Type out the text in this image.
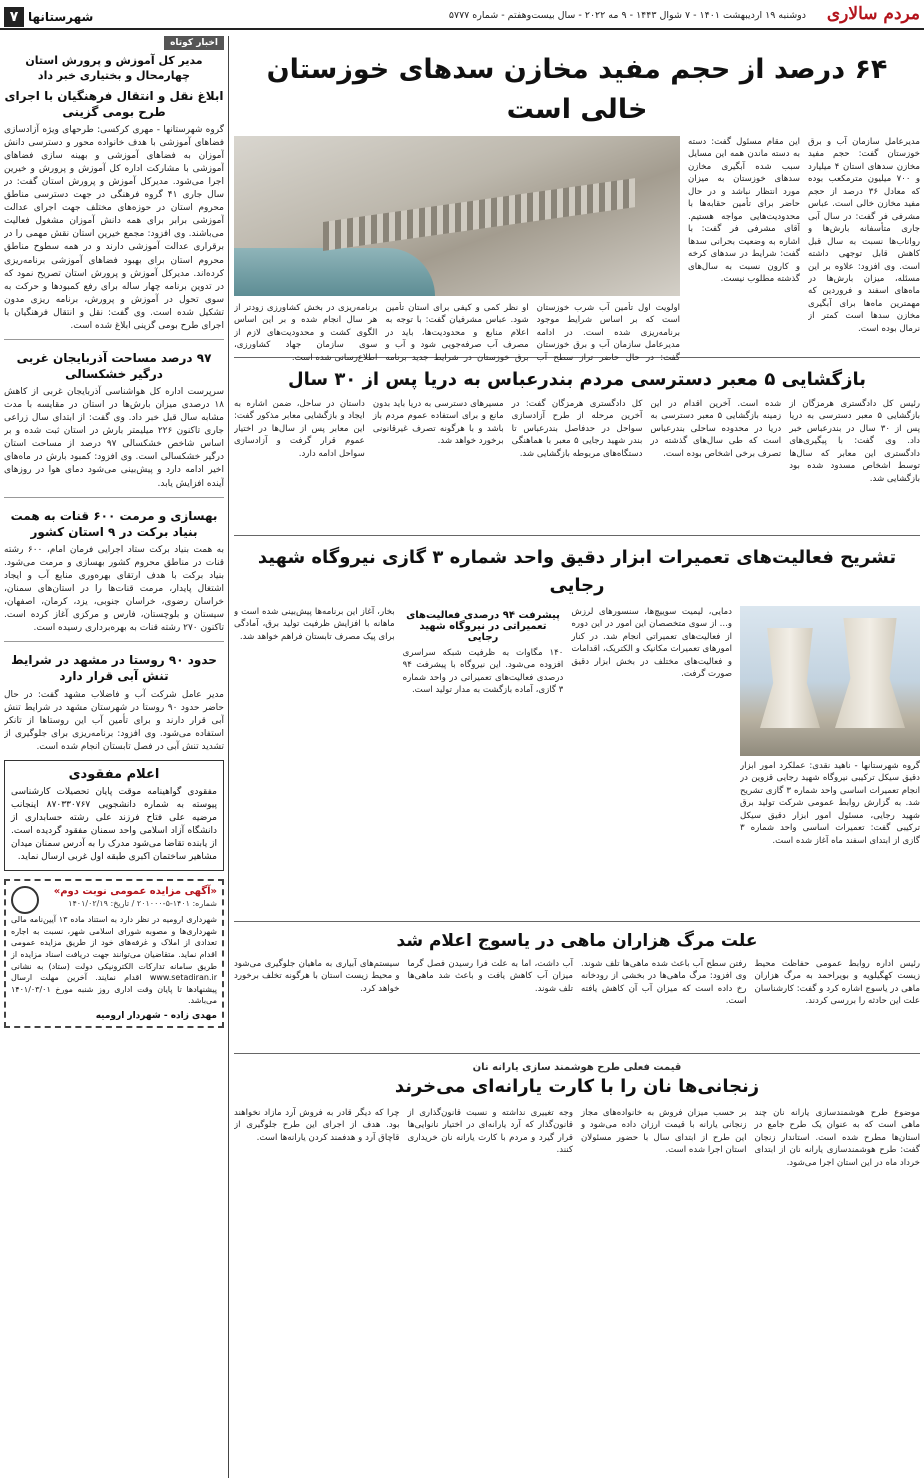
مردم سالاری
دوشنبه ۱۹ اردیبهشت ۱۴۰۱ - ۷ شوال ۱۴۴۳ - ۹ مه ۲۰۲۲ - سال بیست‌وهفتم - شماره ۵۷۷۷
شهرستانها
۷
اخبار کوتاه
مدیر کل آموزش و پرورش استان چهارمحال و بختیاری خبر داد
ابلاغ نقل و انتقال فرهنگیان با اجرای طرح بومی گزینی
گروه شهرستانها - مهری کرکسی: طرحهای ویژه آزادسازی فضاهای آموزشی با هدف خانواده محور و دسترسی دانش آموزان به فضاهای آموزشی و بهینه سازی فضاهای آموزشی با مشارکت اداره کل آموزش و پرورش و خیرین اجرا می‌شود. مدیرکل آموزش و پرورش استان گفت: در سال جاری ۴۱ گروه فرهنگی در جهت دسترسی مناطق محروم استان در حوزه‌های مختلف جهت اجرای عدالت آموزشی برابر برای همه دانش آموزان مشغول فعالیت می‌باشند. وی افزود: مجمع خیرین استان نقش مهمی را در برقراری عدالت آموزشی دارند و در همه سطوح مناطق محروم استان برای بهبود فضاهای آموزشی برنامه‌ریزی کرده‌اند. مدیرکل آموزش و پرورش استان تصریح نمود که در تدوین برنامه چهار ساله برای رفع کمبودها و حرکت به سوی تحول در آموزش و پرورش، برنامه ریزی مدون تشکیل شده است. وی گفت: نقل و انتقال فرهنگیان با اجرای طرح بومی گزینی ابلاغ شده است.
۹۷ درصد مساحت آذربایجان غربی درگیر خشکسالی
سرپرست اداره کل هواشناسی آذربایجان غربی از کاهش ۱۸ درصدی میزان بارش‌ها در استان در مقایسه با مدت مشابه سال قبل خبر داد. وی گفت: از ابتدای سال زراعی جاری تاکنون ۲۲۶ میلیمتر بارش در استان ثبت شده و بر اساس شاخص خشکسالی ۹۷ درصد از مساحت استان درگیر خشکسالی است. وی افزود: کمبود بارش در ماه‌های اخیر ادامه دارد و پیش‌بینی می‌شود دمای هوا در روزهای آینده افزایش یابد.
بهسازی و مرمت ۶۰۰ قنات به همت بنیاد برکت در ۹ استان کشور
به همت بنیاد برکت ستاد اجرایی فرمان امام، ۶۰۰ رشته قنات در مناطق محروم کشور بهسازی و مرمت می‌شود. بنیاد برکت با هدف ارتقای بهره‌وری منابع آب و ایجاد اشتغال پایدار، مرمت قنات‌ها را در استان‌های سمنان، خراسان رضوی، خراسان جنوبی، یزد، کرمان، اصفهان، سیستان و بلوچستان، فارس و مرکزی آغاز کرده است. تاکنون ۲۷۰ رشته قنات به بهره‌برداری رسیده است.
حدود ۹۰ روستا در مشهد در شرایط تنش آبی قرار دارد
مدیر عامل شرکت آب و فاضلاب مشهد گفت: در حال حاضر حدود ۹۰ روستا در شهرستان مشهد در شرایط تنش آبی قرار دارند و برای تأمین آب این روستاها از تانکر استفاده می‌شود. وی افزود: برنامه‌ریزی برای جلوگیری از تشدید تنش آبی در فصل تابستان انجام شده است.
اعلام مفقودی

مفقودی گواهینامه موقت پایان تحصیلات کارشناسی پیوسته به شماره دانشجویی ۸۷۰۳۳۰۷۶۷ اینجانب مرضیه علی فتاح فرزند علی رشته حسابداری از دانشگاه آزاد اسلامی واحد سمنان مفقود گردیده است. از یابنده تقاضا می‌شود مدرک را به آدرس سمنان میدان مشاهیر ساختمان اکبری طبقه اول غربی ارسال نماید.

«آگهی مزایده عمومی نوبت دوم»
شماره: ۱۴۰۱-۵-۲۰۱۰۰۰ / تاریخ: ۱۴۰۱/۰۲/۱۹
شهرداری ارومیه در نظر دارد به استناد ماده ۱۳ آیین‌نامه مالی شهرداری‌ها و مصوبه شورای اسلامی شهر، نسبت به اجاره تعدادی از املاک و غرفه‌های خود از طریق مزایده عمومی اقدام نماید. متقاضیان می‌توانند جهت دریافت اسناد مزایده از طریق سامانه تدارکات الکترونیکی دولت (ستاد) به نشانی www.setadiran.ir اقدام نمایند. آخرین مهلت ارسال پیشنهادها تا پایان وقت اداری روز شنبه مورخ ۱۴۰۱/۰۳/۰۱ می‌باشد.
مهدی زاده - شهردار ارومیه
۶۴ درصد از حجم مفید مخازن سدهای خوزستان خالی است
مدیرعامل سازمان آب و برق خوزستان گفت: حجم مفید مخازن سدهای استان ۴ میلیارد و ۷۰۰ میلیون مترمکعب بوده که معادل ۳۶ درصد از حجم مفید مخازن خالی است. عباس مشرفی فر گفت: در سال آبی جاری متأسفانه بارش‌ها و رواناب‌ها نسبت به سال قبل کاهش قابل توجهی داشته است. وی افزود: علاوه بر این مسئله، میزان بارش‌ها در ماه‌های اسفند و فروردین که مهمترین ماه‌ها برای آبگیری مخازن سدها است کمتر از نرمال بوده است.
این مقام مسئول گفت: دسته به دسته ماندن همه این مسایل سبب شده آبگیری مخازن سدهای خوزستان به میزان مورد انتظار نباشد و در حال حاضر برای تأمین حقابه‌ها با محدودیت‌هایی مواجه هستیم. آقای مشرفی فر گفت: با اشاره به وضعیت بحرانی سدها گفت: شرایط در سدهای کرخه و کارون نسبت به سال‌های گذشته مطلوب نیست.
اولویت اول تأمین آب شرب خوزستان است که بر اساس شرایط موجود برنامه‌ریزی شده است. در ادامه مدیرعامل سازمان آب و برق خوزستان گفت: در حال حاضر تراز سطح آب
او نظر کمی و کیفی برای استان تأمین شود. عباس مشرفیان گفت: با توجه به اعلام منابع و محدودیت‌ها، باید در مصرف آب صرفه‌جویی شود و آب و برق خوزستان در شرایط جدید برنامه
برنامه‌ریزی در بخش کشاورزی زودتر از هر سال انجام شده و بر این اساس الگوی کشت و محدودیت‌های لازم از سوی سازمان جهاد کشاورزی، اطلاع‌رسانی شده است.
بازگشایی ۵ معبر دسترسی مردم بندرعباس به دریا پس از ۳۰ سال
رئیس کل دادگستری هرمزگان از بازگشایی ۵ معبر دسترسی به دریا پس از ۳۰ سال در بندرعباس خبر داد. وی گفت: با پیگیری‌های دادگستری این معابر که سال‌ها توسط اشخاص مسدود شده بود بازگشایی شد.
شده است. آخرین اقدام در این زمینه بازگشایی ۵ معبر دسترسی به دریا در محدوده ساحلی بندرعباس است که طی سال‌های گذشته در تصرف برخی اشخاص بوده است.
کل دادگستری هرمزگان گفت: در آخرین مرحله از طرح آزادسازی سواحل در حدفاصل بندرعباس تا بندر شهید رجایی ۵ معبر با هماهنگی دستگاه‌های مربوطه بازگشایی شد.
مسیرهای دسترسی به دریا باید بدون مانع و برای استفاده عموم مردم باز باشد و با هرگونه تصرف غیرقانونی برخورد خواهد شد.
داستان در ساحل، ضمن اشاره به ایجاد و بازگشایی معابر مذکور گفت: این معابر پس از سال‌ها در اختیار عموم قرار گرفت و آزادسازی سواحل ادامه دارد.
تشریح فعالیت‌های تعمیرات ابزار دقیق واحد شماره ۳ گازی نیروگاه شهید رجایی
گروه شهرستانها - ناهید نقدی: عملکرد امور ابزار دقیق سیکل ترکیبی نیروگاه شهید رجایی قزوین در انجام تعمیرات اساسی واحد شماره ۳ گازی تشریح شد. به گزارش روابط عمومی شرکت تولید برق شهید رجایی، مسئول امور ابزار دقیق سیکل ترکیبی گفت: تعمیرات اساسی واحد شماره ۳ گازی از ابتدای اسفند ماه آغاز شده است.
دمایی، لیمیت سوییچ‌ها، سنسورهای لرزش و... از سوی متخصصان این امور در این دوره از فعالیت‌های تعمیراتی انجام شد. در کنار امورهای تعمیرات مکانیک و الکتریک، اقدامات و فعالیت‌های مختلف در بخش ابزار دقیق صورت گرفت.
پیشرفت ۹۴ درصدی فعالیت‌های تعمیراتی در نیروگاه شهید رجایی
۱۴۰ مگاوات به ظرفیت شبکه سراسری افزوده می‌شود. این نیروگاه با پیشرفت ۹۴ درصدی فعالیت‌های تعمیراتی در واحد شماره ۳ گازی، آماده بازگشت به مدار تولید است.
بخار، آغاز این برنامه‌ها پیش‌بینی شده است و ماهانه با افزایش ظرفیت تولید برق، آمادگی برای پیک مصرف تابستان فراهم خواهد شد.
علت مرگ هزاران ماهی در یاسوج اعلام شد
رئیس اداره روابط عمومی حفاظت محیط زیست کهگیلویه و بویراحمد به مرگ هزاران ماهی در یاسوج اشاره کرد و گفت: کارشناسان علت این حادثه را بررسی کردند.
رفتن سطح آب باعث شده ماهی‌ها تلف شوند. وی افزود: مرگ ماهی‌ها در بخشی از رودخانه رخ داده است که میزان آب آن کاهش یافته است.
آب داشت، اما به علت فرا رسیدن فصل گرما میزان آب کاهش یافت و باعث شد ماهی‌ها تلف شوند.
سیستم‌های آبیاری به ماهیان جلوگیری می‌شود و محیط زیست استان با هرگونه تخلف برخورد خواهد کرد.
قیمت فعلی طرح هوشمند سازی یارانه نان
زنجانی‌ها نان را با کارت یارانه‌ای می‌خرند
موضوع طرح هوشمندسازی یارانه نان چند ماهی است که به عنوان یک طرح جامع در استان‌ها مطرح شده است. استاندار زنجان گفت: طرح هوشمندسازی یارانه نان از ابتدای خرداد ماه در این استان اجرا می‌شود.
بر حسب میزان فروش به خانواده‌های مجاز زنجانی یارانه با قیمت ارزان داده می‌شود و این طرح از ابتدای سال با حضور مسئولان استان اجرا شده است.
وجه تغییری نداشته و نسبت قانون‌گذاری از قانون‌گذار که آرد یارانه‌ای در اختیار نانوایی‌ها قرار گیرد و مردم با کارت یارانه نان خریداری کنند.
چرا که دیگر قادر به فروش آرد مازاد نخواهند بود. هدف از اجرای این طرح جلوگیری از قاچاق آرد و هدفمند کردن یارانه‌ها است.
